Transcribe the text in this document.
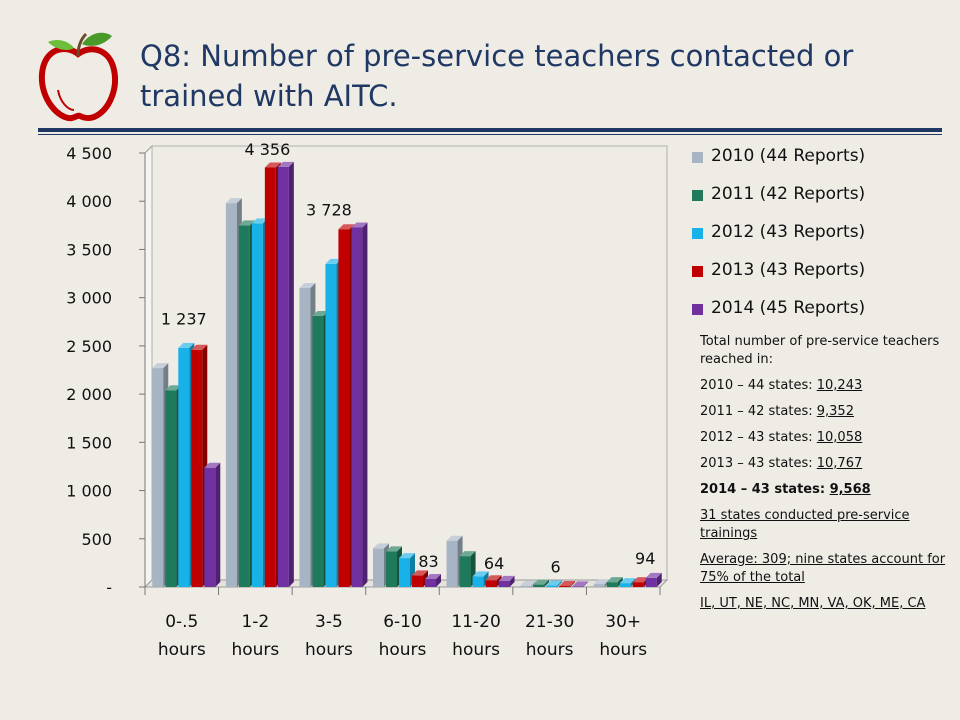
Q8: Number of pre-service teachers contacted or trained with AITC.
-
500
1 000
1 500
2 000
2 500
3 000
3 500
4 000
4 500
0-.5
hours
1-2
hours
3-5
hours
6-10
hours
11-20
hours
21-30
hours
30+
hours
1 237
4 356
3 728
83	64	6	94
2010 (44 Reports)
2011 (42 Reports)
2012 (43 Reports)
2013 (43 Reports)
2014 (45 Reports)
Total number of pre-service teachers reached in:
2010 – 44 states: 10,243
2011 – 42 states: 9,352
2012 – 43 states: 10,058
2013 – 43 states: 10,767
2014 – 43 states: 9,568
31 states conducted pre-service trainings
Average: 309; nine states account for 75% of the total
IL, UT, NE, NC, MN, VA, OK, ME, CA
